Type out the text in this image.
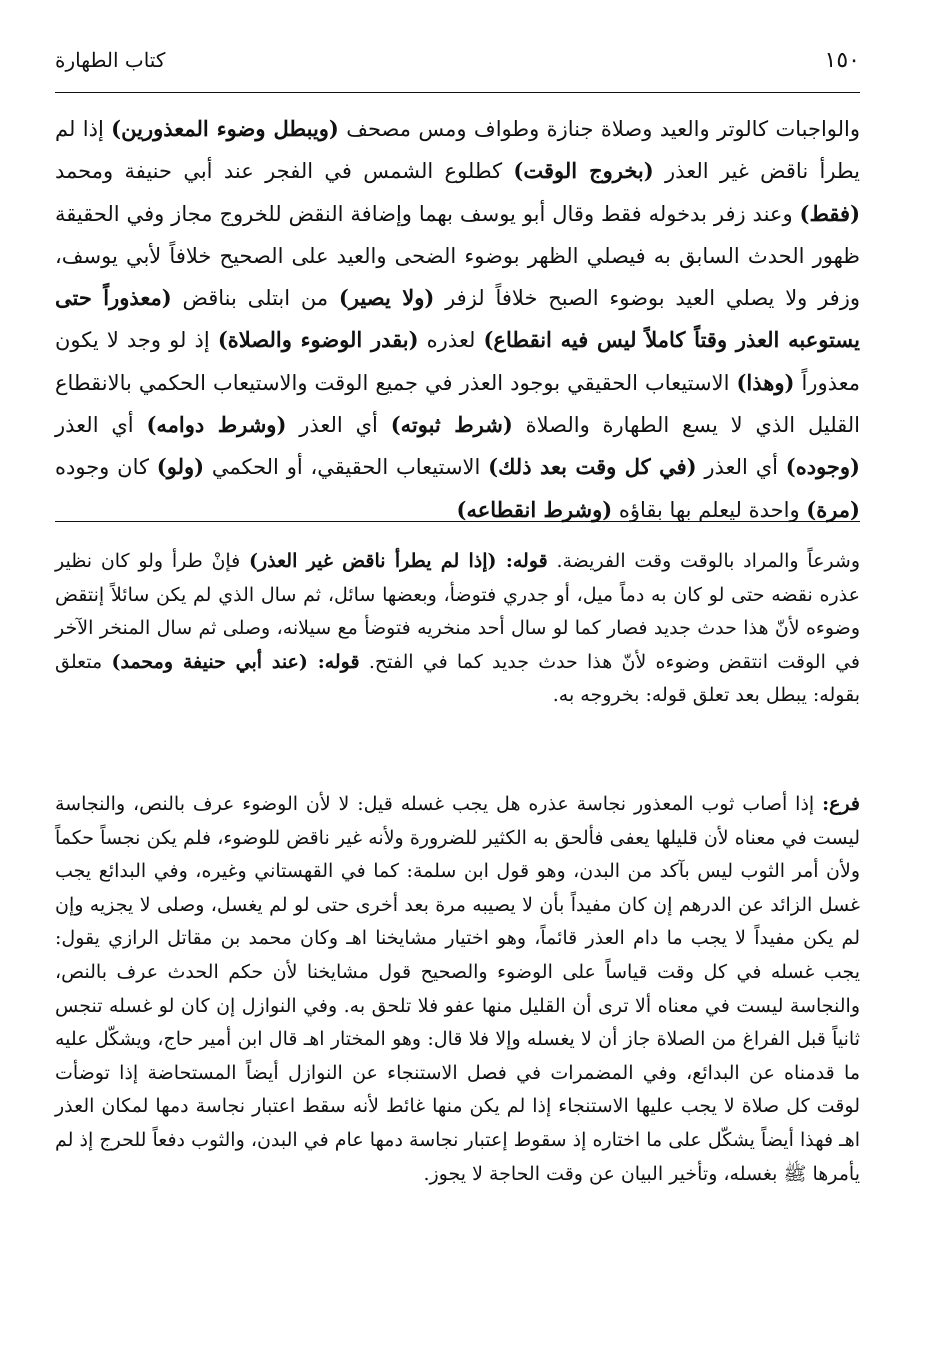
١٥٠
كتاب الطهارة

والواجبات كالوتر والعيد وصلاة جنازة وطواف ومس مصحف (ويبطل وضوء المعذورين) إذا لم يطرأ ناقض غير العذر (بخروج الوقت) كطلوع الشمس في الفجر عند أبي حنيفة ومحمد (فقط) وعند زفر بدخوله فقط وقال أبو يوسف بهما وإضافة النقض للخروج مجاز وفي الحقيقة ظهور الحدث السابق به فيصلي الظهر بوضوء الضحى والعيد على الصحيح خلافاً لأبي يوسف، وزفر ولا يصلي العيد بوضوء الصبح خلافاً لزفر (ولا يصير) من ابتلى بناقض (معذوراً حتى يستوعبه العذر وقتاً كاملاً ليس فيه انقطاع) لعذره (بقدر الوضوء والصلاة) إذ لو وجد لا يكون معذوراً (وهذا) الاستيعاب الحقيقي بوجود العذر في جميع الوقت والاستيعاب الحكمي بالانقطاع القليل الذي لا يسع الطهارة والصلاة (شرط ثبوته) أي العذر (وشرط دوامه) أي العذر (وجوده) أي العذر (في كل وقت بعد ذلك) الاستيعاب الحقيقي، أو الحكمي (ولو) كان وجوده (مرة) واحدة ليعلم بها بقاؤه (وشرط انقطاعه)

وشرعاً والمراد بالوقت وقت الفريضة. قوله: (إذا لم يطرأ ناقض غير العذر) فإنْ طرأ ولو كان نظير عذره نقضه حتى لو كان به دماً ميل، أو جدري فتوضأ، وبعضها سائل، ثم سال الذي لم يكن سائلاً إنتقض وضوءه لأنّ هذا حدث جديد فصار كما لو سال أحد منخريه فتوضأ مع سيلانه، وصلى ثم سال المنخر الآخر في الوقت انتقض وضوءه لأنّ هذا حدث جديد كما في الفتح. قوله: (عند أبي حنيفة ومحمد) متعلق بقوله: يبطل بعد تعلق قوله: بخروجه به.

فرع: إذا أصاب ثوب المعذور نجاسة عذره هل يجب غسله قيل: لا لأن الوضوء عرف بالنص، والنجاسة ليست في معناه لأن قليلها يعفى فألحق به الكثير للضرورة ولأنه غير ناقض للوضوء، فلم يكن نجساً حكماً ولأن أمر الثوب ليس بآكد من البدن، وهو قول ابن سلمة: كما في القهستاني وغيره، وفي البدائع يجب غسل الزائد عن الدرهم إن كان مفيداً بأن لا يصيبه مرة بعد أخرى حتى لو لم يغسل، وصلى لا يجزيه وإن لم يكن مفيداً لا يجب ما دام العذر قائماً، وهو اختيار مشايخنا اهـ وكان محمد بن مقاتل الرازي يقول: يجب غسله في كل وقت قياساً على الوضوء والصحيح قول مشايخنا لأن حكم الحدث عرف بالنص، والنجاسة ليست في معناه ألا ترى أن القليل منها عفو فلا تلحق به. وفي النوازل إن كان لو غسله تنجس ثانياً قبل الفراغ من الصلاة جاز أن لا يغسله وإلا فلا قال: وهو المختار اهـ قال ابن أمير حاج، ويشكّل عليه ما قدمناه عن البدائع، وفي المضمرات في فصل الاستنجاء عن النوازل أيضاً المستحاضة إذا توضأت لوقت كل صلاة لا يجب عليها الاستنجاء إذا لم يكن منها غائط لأنه سقط اعتبار نجاسة دمها لمكان العذر اهـ فهذا أيضاً يشكّل على ما اختاره إذ سقوط إعتبار نجاسة دمها عام في البدن، والثوب دفعاً للحرج إذ لم يأمرها ﷺ بغسله، وتأخير البيان عن وقت الحاجة لا يجوز.
